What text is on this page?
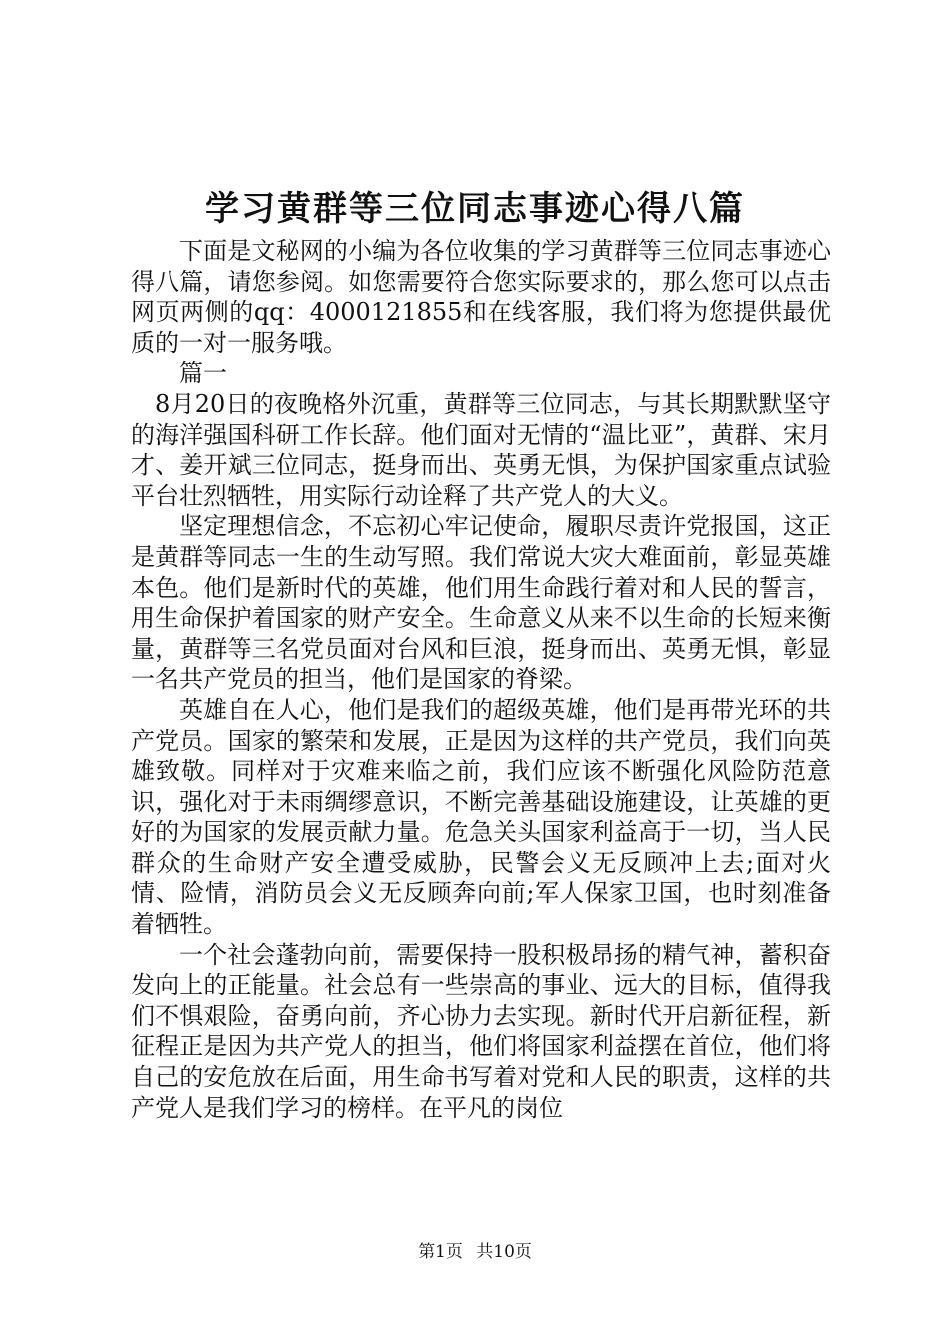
学习黄群等三位同志事迹心得八篇

下面是文秘网的小编为各位收集的学习黄群等三位同志事迹心得八篇，请您参阅。如您需要符合您实际要求的，那么您可以点击网页两侧的qq：4000121855和在线客服，我们将为您提供最优质的一对一服务哦。

篇一

8月20日的夜晚格外沉重，黄群等三位同志，与其长期默默坚守的海洋强国科研工作长辞。他们面对无情的“温比亚”，黄群、宋月才、姜开斌三位同志，挺身而出、英勇无惧，为保护国家重点试验平台壮烈牺牲，用实际行动诠释了共产党人的大义。

坚定理想信念，不忘初心牢记使命，履职尽责许党报国，这正是黄群等同志一生的生动写照。我们常说大灾大难面前，彰显英雄本色。他们是新时代的英雄，他们用生命践行着对和人民的誓言，用生命保护着国家的财产安全。生命意义从来不以生命的长短来衡量，黄群等三名党员面对台风和巨浪，挺身而出、英勇无惧，彰显一名共产党员的担当，他们是国家的脊梁。

英雄自在人心，他们是我们的超级英雄，他们是再带光环的共产党员。国家的繁荣和发展，正是因为这样的共产党员，我们向英雄致敬。同样对于灾难来临之前，我们应该不断强化风险防范意识，强化对于未雨绸缪意识，不断完善基础设施建设，让英雄的更好的为国家的发展贡献力量。危急关头国家利益高于一切，当人民群众的生命财产安全遭受威胁，民警会义无反顾冲上去;面对火情、险情，消防员会义无反顾奔向前;军人保家卫国，也时刻准备着牺牲。

一个社会蓬勃向前，需要保持一股积极昂扬的精气神，蓄积奋发向上的正能量。社会总有一些崇高的事业、远大的目标，值得我们不惧艰险，奋勇向前，齐心协力去实现。新时代开启新征程，新征程正是因为共产党人的担当，他们将国家利益摆在首位，他们将自己的安危放在后面，用生命书写着对党和人民的职责，这样的共产党人是我们学习的榜样。在平凡的岗位

第1页 共10页
